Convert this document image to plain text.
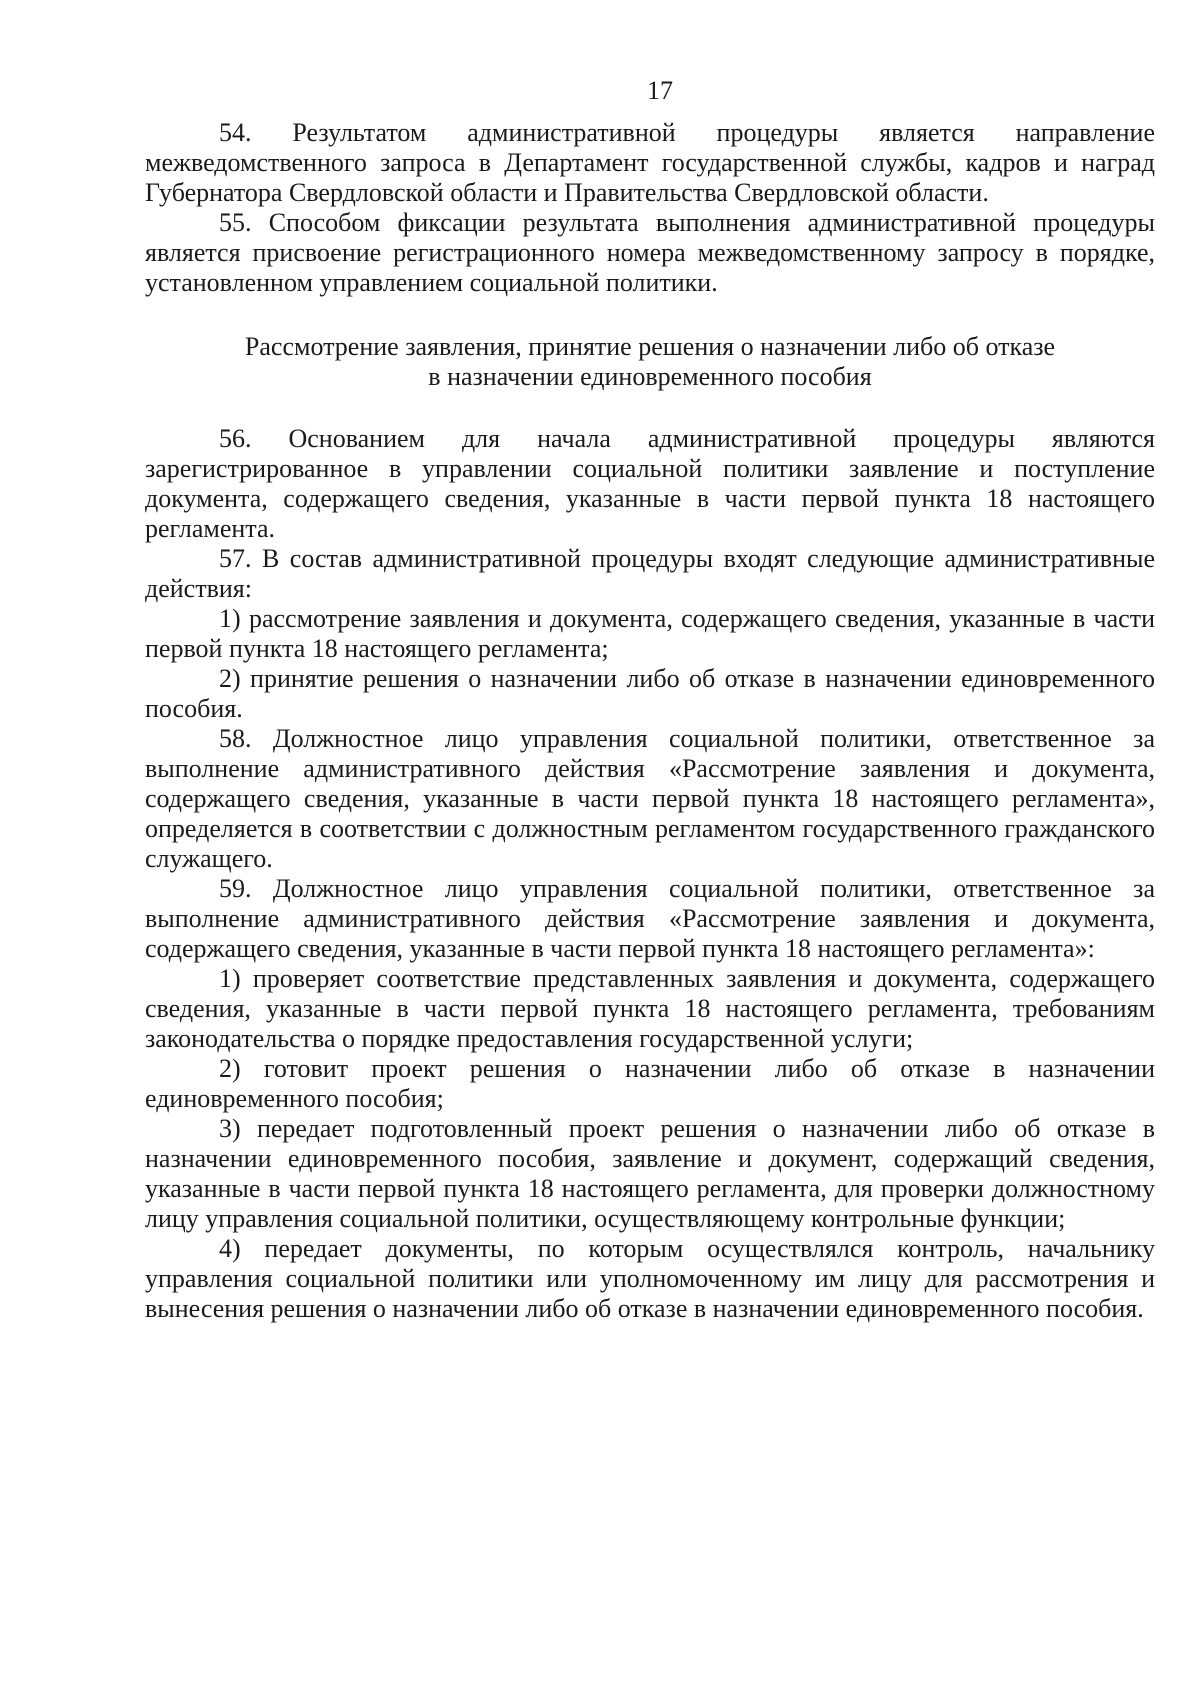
17

54. Результатом административной процедуры является направление межведомственного запроса в Департамент государственной службы, кадров и наград Губернатора Свердловской области и Правительства Свердловской области.

55. Способом фиксации результата выполнения административной процедуры является присвоение регистрационного номера межведомственному запросу в порядке, установленном управлением социальной политики.

Рассмотрение заявления, принятие решения о назначении либо об отказе
в назначении единовременного пособия

56. Основанием для начала административной процедуры являются зарегистрированное в управлении социальной политики заявление и поступление документа, содержащего сведения, указанные в части первой пункта 18 настоящего регламента.

57. В состав административной процедуры входят следующие административные действия:

1) рассмотрение заявления и документа, содержащего сведения, указанные в части первой пункта 18 настоящего регламента;

2) принятие решения о назначении либо об отказе в назначении единовременного пособия.

58. Должностное лицо управления социальной политики, ответственное за выполнение административного действия «Рассмотрение заявления и документа, содержащего сведения, указанные в части первой пункта 18 настоящего регламента», определяется в соответствии с должностным регламентом государственного гражданского служащего.

59. Должностное лицо управления социальной политики, ответственное за выполнение административного действия «Рассмотрение заявления и документа, содержащего сведения, указанные в части первой пункта 18 настоящего регламента»:

1) проверяет соответствие представленных заявления и документа, содержащего сведения, указанные в части первой пункта 18 настоящего регламента, требованиям законодательства о порядке предоставления государственной услуги;

2) готовит проект решения о назначении либо об отказе в назначении единовременного пособия;

3) передает подготовленный проект решения о назначении либо об отказе в назначении единовременного пособия, заявление и документ, содержащий сведения, указанные в части первой пункта 18 настоящего регламента, для проверки должностному лицу управления социальной политики, осуществляющему контрольные функции;

4) передает документы, по которым осуществлялся контроль, начальнику управления социальной политики или уполномоченному им лицу для рассмотрения и вынесения решения о назначении либо об отказе в назначении единовременного пособия.
